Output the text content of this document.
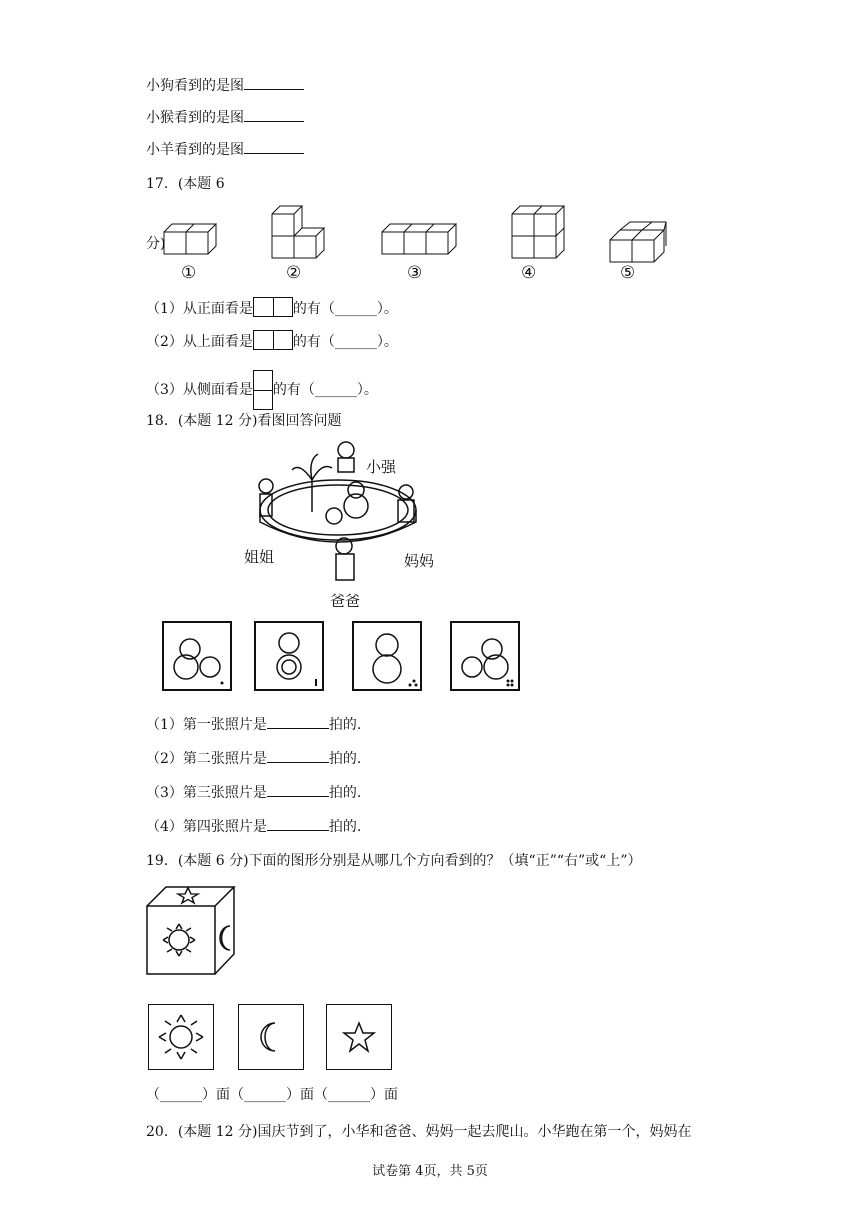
小狗看到的是图
小猴看到的是图
小羊看到的是图
17．(本题 6
分)
①	②	③	④	⑤
（1）从正面看是	的有（______）。
（2）从上面看是	的有（______）。
（3）从侧面看是 的有（______）。
18．(本题 12 分)看图回答问题
小强
姐姐	妈妈
爸爸
（1）第一张照片是	拍的.
（2）第二张照片是	拍的.
（3）第三张照片是	拍的.
（4）第四张照片是	拍的.
19．(本题 6 分)下面的图形分别是从哪几个方向看到的？（填“正”“右”或“上”）
（______）面（______）面（______）面
20．(本题 12 分)国庆节到了，小华和爸爸、妈妈一起去爬山。小华跑在第一个，妈妈在
试卷第 4页，共 5页
